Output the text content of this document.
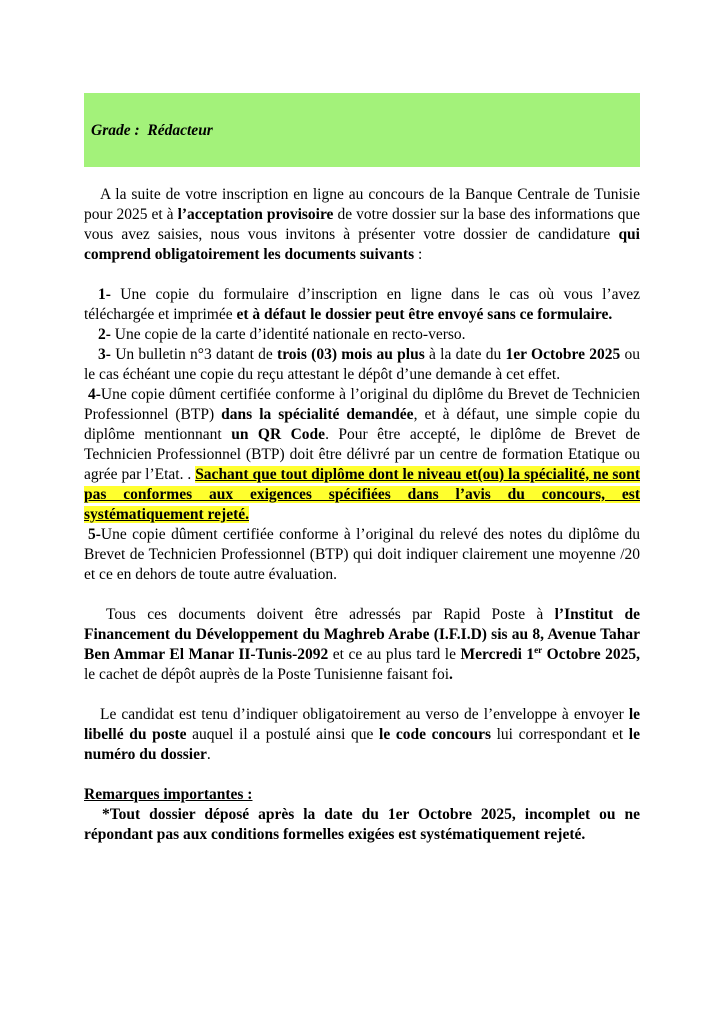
Grade : Rédacteur

A la suite de votre inscription en ligne au concours de la Banque Centrale de Tunisie pour 2025 et à l’acceptation provisoire de votre dossier sur la base des informations que vous avez saisies, nous vous invitons à présenter votre dossier de candidature qui comprend obligatoirement les documents suivants :

1- Une copie du formulaire d’inscription en ligne dans le cas où vous l’avez téléchargée et imprimée et à défaut le dossier peut être envoyé sans ce formulaire.

2- Une copie de la carte d’identité nationale en recto-verso.

3- Un bulletin n°3 datant de trois (03) mois au plus à la date du 1er Octobre 2025 ou le cas échéant une copie du reçu attestant le dépôt d’une demande à cet effet.

4-Une copie dûment certifiée conforme à l’original du diplôme du Brevet de Technicien Professionnel (BTP) dans la spécialité demandée, et à défaut, une simple copie du diplôme mentionnant un QR Code. Pour être accepté, le diplôme de Brevet de Technicien Professionnel (BTP) doit être délivré par un centre de formation Etatique ou agrée par l’Etat. . Sachant que tout diplôme dont le niveau et(ou) la spécialité, ne sont pas conformes aux exigences spécifiées dans l’avis du concours, est systématiquement rejeté.

5-Une copie dûment certifiée conforme à l’original du relevé des notes du diplôme du Brevet de Technicien Professionnel (BTP) qui doit indiquer clairement une moyenne /20 et ce en dehors de toute autre évaluation.

Tous ces documents doivent être adressés par Rapid Poste à l’Institut de Financement du Développement du Maghreb Arabe (I.F.I.D) sis au 8, Avenue Tahar Ben Ammar El Manar II-Tunis-2092 et ce au plus tard le Mercredi 1er Octobre 2025, le cachet de dépôt auprès de la Poste Tunisienne faisant foi.

Le candidat est tenu d’indiquer obligatoirement au verso de l’enveloppe à envoyer le libellé du poste auquel il a postulé ainsi que le code concours lui correspondant et le numéro du dossier.

Remarques importantes :

*Tout dossier déposé après la date du 1er Octobre 2025, incomplet ou ne répondant pas aux conditions formelles exigées est systématiquement rejeté.
